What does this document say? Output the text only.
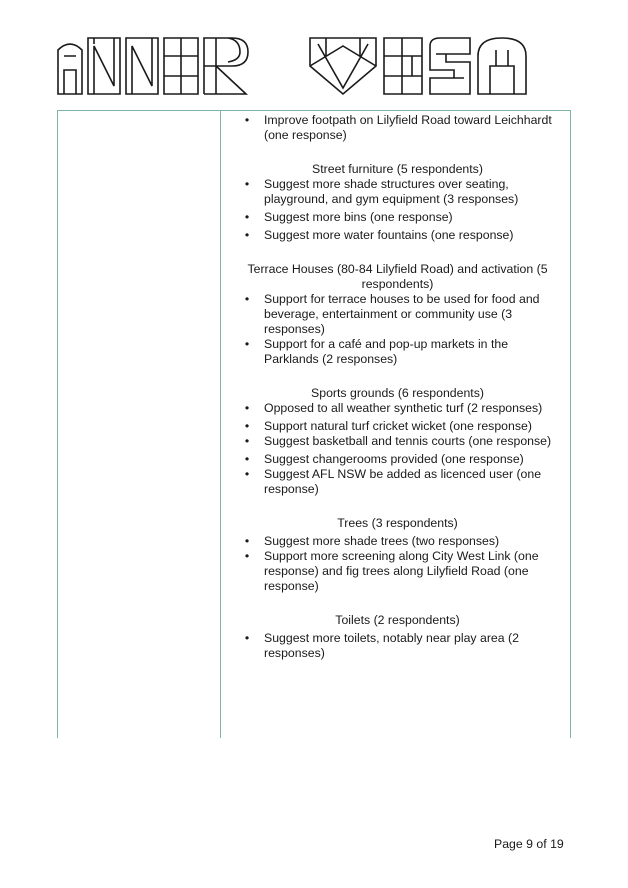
• Improve footpath on Lilyfield Road toward Leichhardt (one response)

Street furniture (5 respondents)

• Suggest more shade structures over seating, playground, and gym equipment (3 responses)

• Suggest more bins (one response)

• Suggest more water fountains (one response)

Terrace Houses (80-84 Lilyfield Road) and activation (5 respondents)

• Support for terrace houses to be used for food and beverage, entertainment or community use (3 responses)

• Support for a café and pop-up markets in the Parklands (2 responses)

Sports grounds (6 respondents)

• Opposed to all weather synthetic turf (2 responses)

• Support natural turf cricket wicket (one response)

• Suggest basketball and tennis courts (one response)

• Suggest changerooms provided (one response)

• Suggest AFL NSW be added as licenced user (one response)

Trees (3 respondents)

• Suggest more shade trees (two responses)

• Support more screening along City West Link (one response) and fig trees along Lilyfield Road (one response)

Toilets (2 respondents)

• Suggest more toilets, notably near play area (2 responses)

Page 9 of 19
